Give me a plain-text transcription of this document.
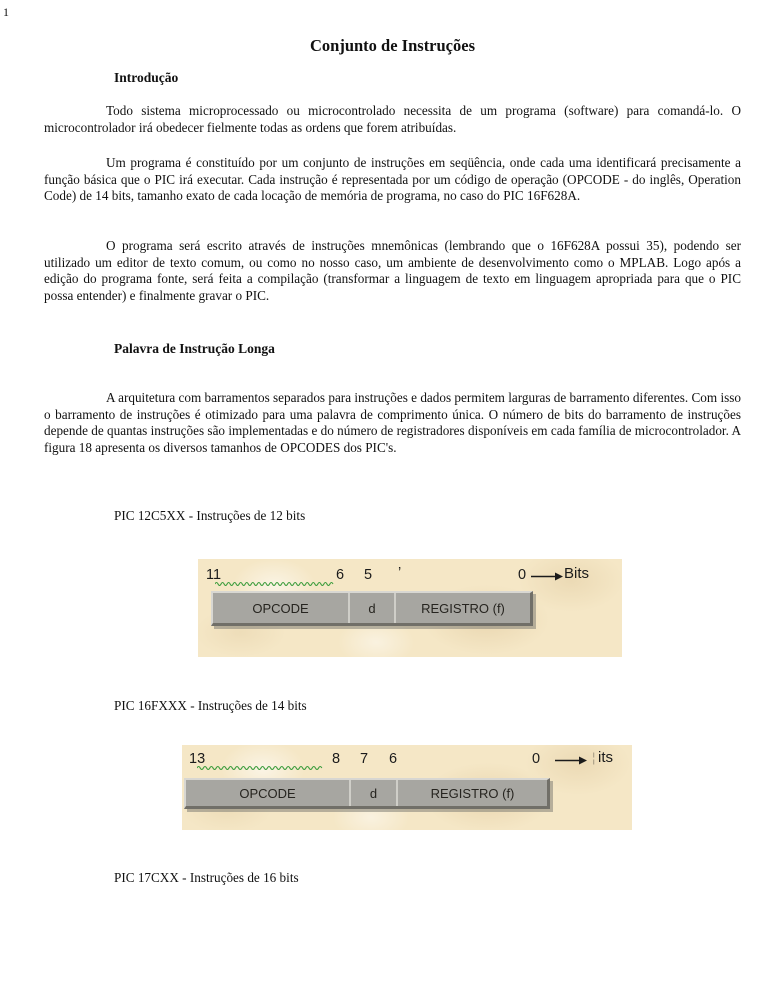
1
Conjunto de Instruções
Introdução

Todo sistema microprocessado ou microcontrolado necessita de um programa (software) para comandá-lo. O microcontrolador irá obedecer fielmente todas as ordens que forem atribuídas.

Um programa é constituído por um conjunto de instruções em seqüência, onde cada uma identificará precisamente a função básica que o PIC irá executar. Cada instrução é representada por um código de operação (OPCODE - do inglês, Operation Code) de 14 bits, tamanho exato de cada locação de memória de programa, no caso do PIC 16F628A.

O programa será escrito através de instruções mnemônicas (lembrando que o 16F628A possui 35), podendo ser utilizado um editor de texto comum, ou como no nosso caso, um ambiente de desenvolvimento como o MPLAB. Logo após a edição do programa fonte, será feita a compilação (transformar a linguagem de texto em linguagem apropriada para que o PIC possa entender) e finalmente gravar o PIC.

Palavra de Instrução Longa

A arquitetura com barramentos separados para instruções e dados permitem larguras de barramento diferentes. Com isso o barramento de instruções é otimizado para uma palavra de comprimento única. O número de bits do barramento de instruções depende de quantas instruções são implementadas e do número de registradores disponíveis em cada família de microcontrolador. A figura 18 apresenta os diversos tamanhos de OPCODES dos PIC's.

PIC 12C5XX - Instruções de 12 bits
11	6 5 ’	0	Bits
OPCODE	d	REGISTRO (f)
PIC 16FXXX - Instruções de 14 bits
13	8 7 6	0	¦ its
OPCODE	d	REGISTRO (f)
PIC 17CXX - Instruções de 16 bits
